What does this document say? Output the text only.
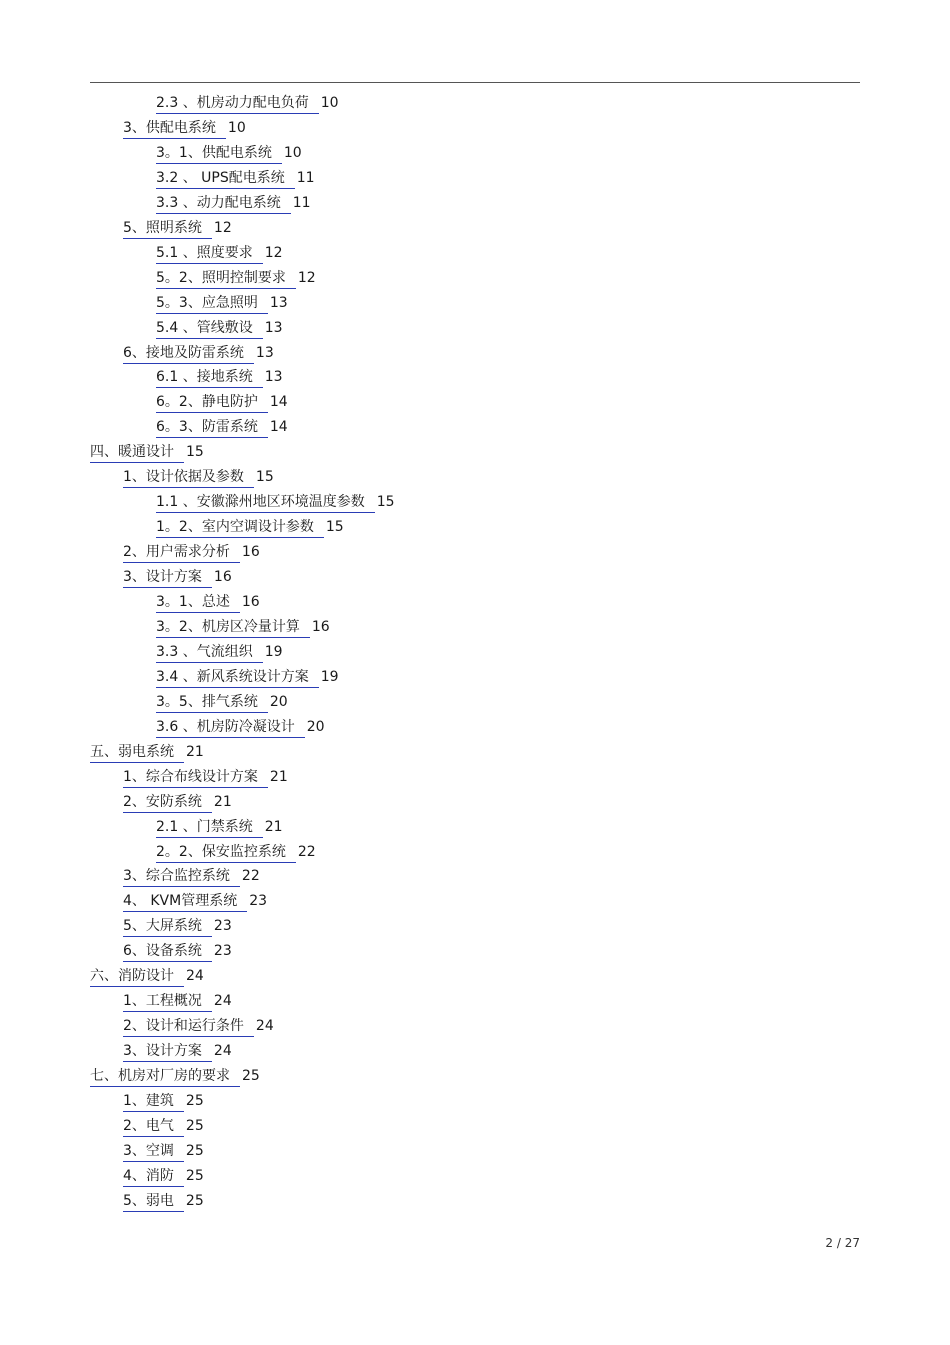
2.3 、机房动力配电负荷 10
3、供配电系统 10
3。1、供配电系统 10
3.2 、 UPS配电系统 11
3.3 、动力配电系统 11
5、照明系统 12
5.1 、照度要求 12
5。2、照明控制要求 12
5。3、应急照明 13
5.4 、管线敷设 13
6、接地及防雷系统 13
6.1 、接地系统 13
6。2、静电防护 14
6。3、防雷系统 14
四、暖通设计 15
1、设计依据及参数 15
1.1 、安徽滁州地区环境温度参数 15
1。2、室内空调设计参数 15
2、用户需求分析 16
3、设计方案 16
3。1、总述 16
3。2、机房区冷量计算 16
3.3 、气流组织 19
3.4 、新风系统设计方案 19
3。5、排气系统 20
3.6 、机房防冷凝设计 20
五、弱电系统 21
1、综合布线设计方案 21
2、安防系统 21
2.1 、门禁系统 21
2。2、保安监控系统 22
3、综合监控系统 22
4、 KVM管理系统 23
5、大屏系统 23
6、设备系统 23
六、消防设计 24
1、工程概况 24
2、设计和运行条件 24
3、设计方案 24
七、机房对厂房的要求 25
1、建筑 25
2、电气 25
3、空调 25
4、消防 25
5、弱电 25
2 / 27
